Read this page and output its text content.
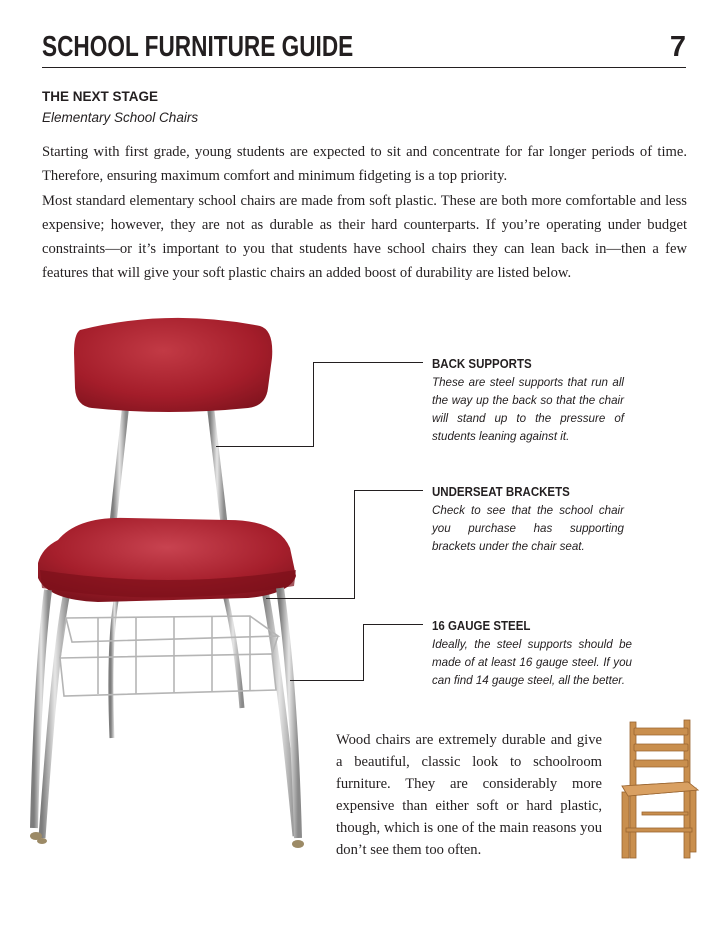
SCHOOL FURNITURE GUIDE	7
THE NEXT STAGE
Elementary School Chairs

Starting with first grade, young students are expected to sit and concentrate for far longer periods of time. Therefore, ensuring maximum comfort and minimum fidgeting is a top priority.

Most standard elementary school chairs are made from soft plastic. These are both more comfortable and less expensive; however, they are not as durable as their hard counterparts. If you’re operating under budget constraints—or it’s important to you that students have school chairs they can lean back in—then a few features that will give your soft plastic chairs an added boost of durability are listed below.

BACK SUPPORTS
These are steel supports that run all the way up the back so that the chair will stand up to the pressure of students leaning against it.
UNDERSEAT BRACKETS
Check to see that the school chair you purchase has supporting brackets under the chair seat.
16 GAUGE STEEL
Ideally, the steel supports should be made of at least 16 gauge steel. If you can find 14 gauge steel, all the better.

Wood chairs are extremely durable and give a beautiful, classic look to schoolroom furniture. They are considerably more expensive than either soft or hard plastic, though, which is one of the main reasons you don’t see them too often.
